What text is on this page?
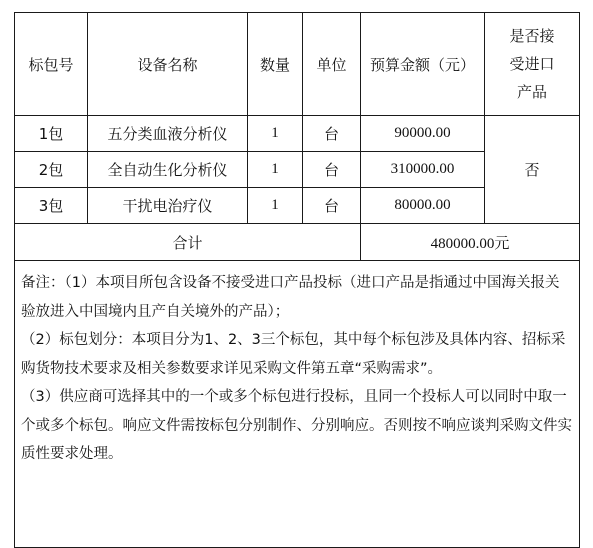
标包号	设备名称	数量	单位	预算金额（元）	是否接
受进口
产品

1包	五分类血液分析仪	1	台	90000.00	否
2包	全自动生化分析仪	1	台	310000.00	
3包	干扰电治疗仪	1	台	80000.00	
合计				480000.00元	

备注：（1）本项目所包含设备不接受进口产品投标（进口产品是指通过中国海关报关验放进入中国境内且产自关境外的产品）；

（2）标包划分：本项目分为1、2、3三个标包，其中每个标包涉及具体内容、招标采购货物技术要求及相关参数要求详见采购文件第五章“采购需求”。

（3）供应商可选择其中的一个或多个标包进行投标，且同一个投标人可以同时中取一个或多个标包。响应文件需按标包分别制作、分别响应。否则按不响应谈判采购文件实质性要求处理。					
